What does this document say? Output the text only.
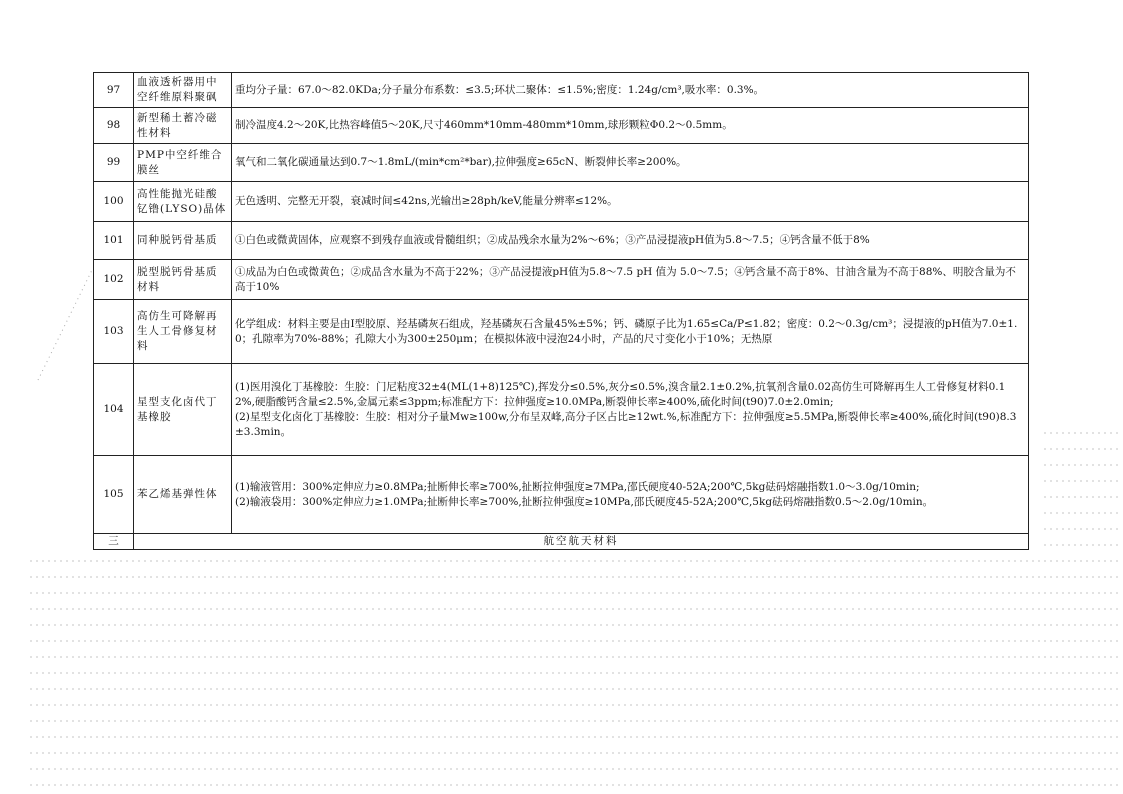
97	血液透析器用中空纤维原料聚砜	重均分子量：67.0～82.0KDa;分子量分布系数：≤3.5;环状二聚体：≤1.5%;密度：1.24g/cm³,吸水率：0.3%。

98	新型稀土蓄冷磁性材料	制冷温度4.2～20K,比热容峰值5～20K,尺寸460mm*10mm-480mm*10mm,球形颗粒Φ0.2～0.5mm。

99	PMP中空纤维合膜丝	氧气和二氧化碳通量达到0.7～1.8mL/(min*cm²*bar),拉伸强度≥65cN、断裂伸长率≥200%。

100	高性能抛光硅酸钇镥(LYSO)晶体	无色透明、完整无开裂，衰减时间≤42ns,光输出≥28ph/keV,能量分辨率≤12%。

101	同种脱钙骨基质	①白色或微黄固体，应观察不到残存血液或骨髓组织；②成品残余水量为2%～6%；③产品浸提液pH值为5.8～7.5；④钙含量不低于8%

102	脱型脱钙骨基质材料	①成品为白色或微黄色；②成品含水量为不高于22%；③产品浸提液pH值为5.8～7.5 pH 值为 5.0～7.5；④钙含量不高于8%、甘油含量为不高于88%、明胶含量为不高于10%

103	高仿生可降解再生人工骨修复材料	化学组成：材料主要是由Ⅰ型胶原、羟基磷灰石组成，羟基磷灰石含量45%±5%；钙、磷原子比为1.65≤Ca/P≤1.82；密度：0.2～0.3g/cm³；浸提液的pH值为7.0±1.0；孔隙率为70%-88%；孔隙大小为300±250μm；在模拟体液中浸泡24小时，产品的尺寸变化小于10%；无热原

104	星型支化卤代丁基橡胶	(1)医用溴化丁基橡胶：生胶：门尼粘度32±4(ML(1+8)125℃),挥发分≤0.5%,灰分≤0.5%,溴含量2.1±0.2%,抗氧剂含量0.02高仿生可降解再生人工骨修复材料0.12%,硬脂酸钙含量≤2.5%,金属元素≤3ppm;标准配方下：拉伸强度≥10.0MPa,断裂伸长率≥400%,硫化时间(t90)7.0±2.0min;
(2)星型支化卤化丁基橡胶：生胶：相对分子量Mw≥100w,分布呈双峰,高分子区占比≥12wt.%,标准配方下：拉伸强度≥5.5MPa,断裂伸长率≥400%,硫化时间(t90)8.3±3.3min。

105	苯乙烯基弹性体	(1)输液管用：300%定伸应力≥0.8MPa;扯断伸长率≥700%,扯断拉伸强度≥7MPa,邵氏硬度40-52A;200℃,5kg砝码熔融指数1.0～3.0g/10min;
(2)输液袋用：300%定伸应力≥1.0MPa;扯断伸长率≥700%,扯断拉伸强度≥10MPa,邵氏硬度45-52A;200℃,5kg砝码熔融指数0.5～2.0g/10min。

三	航空航天材料	
